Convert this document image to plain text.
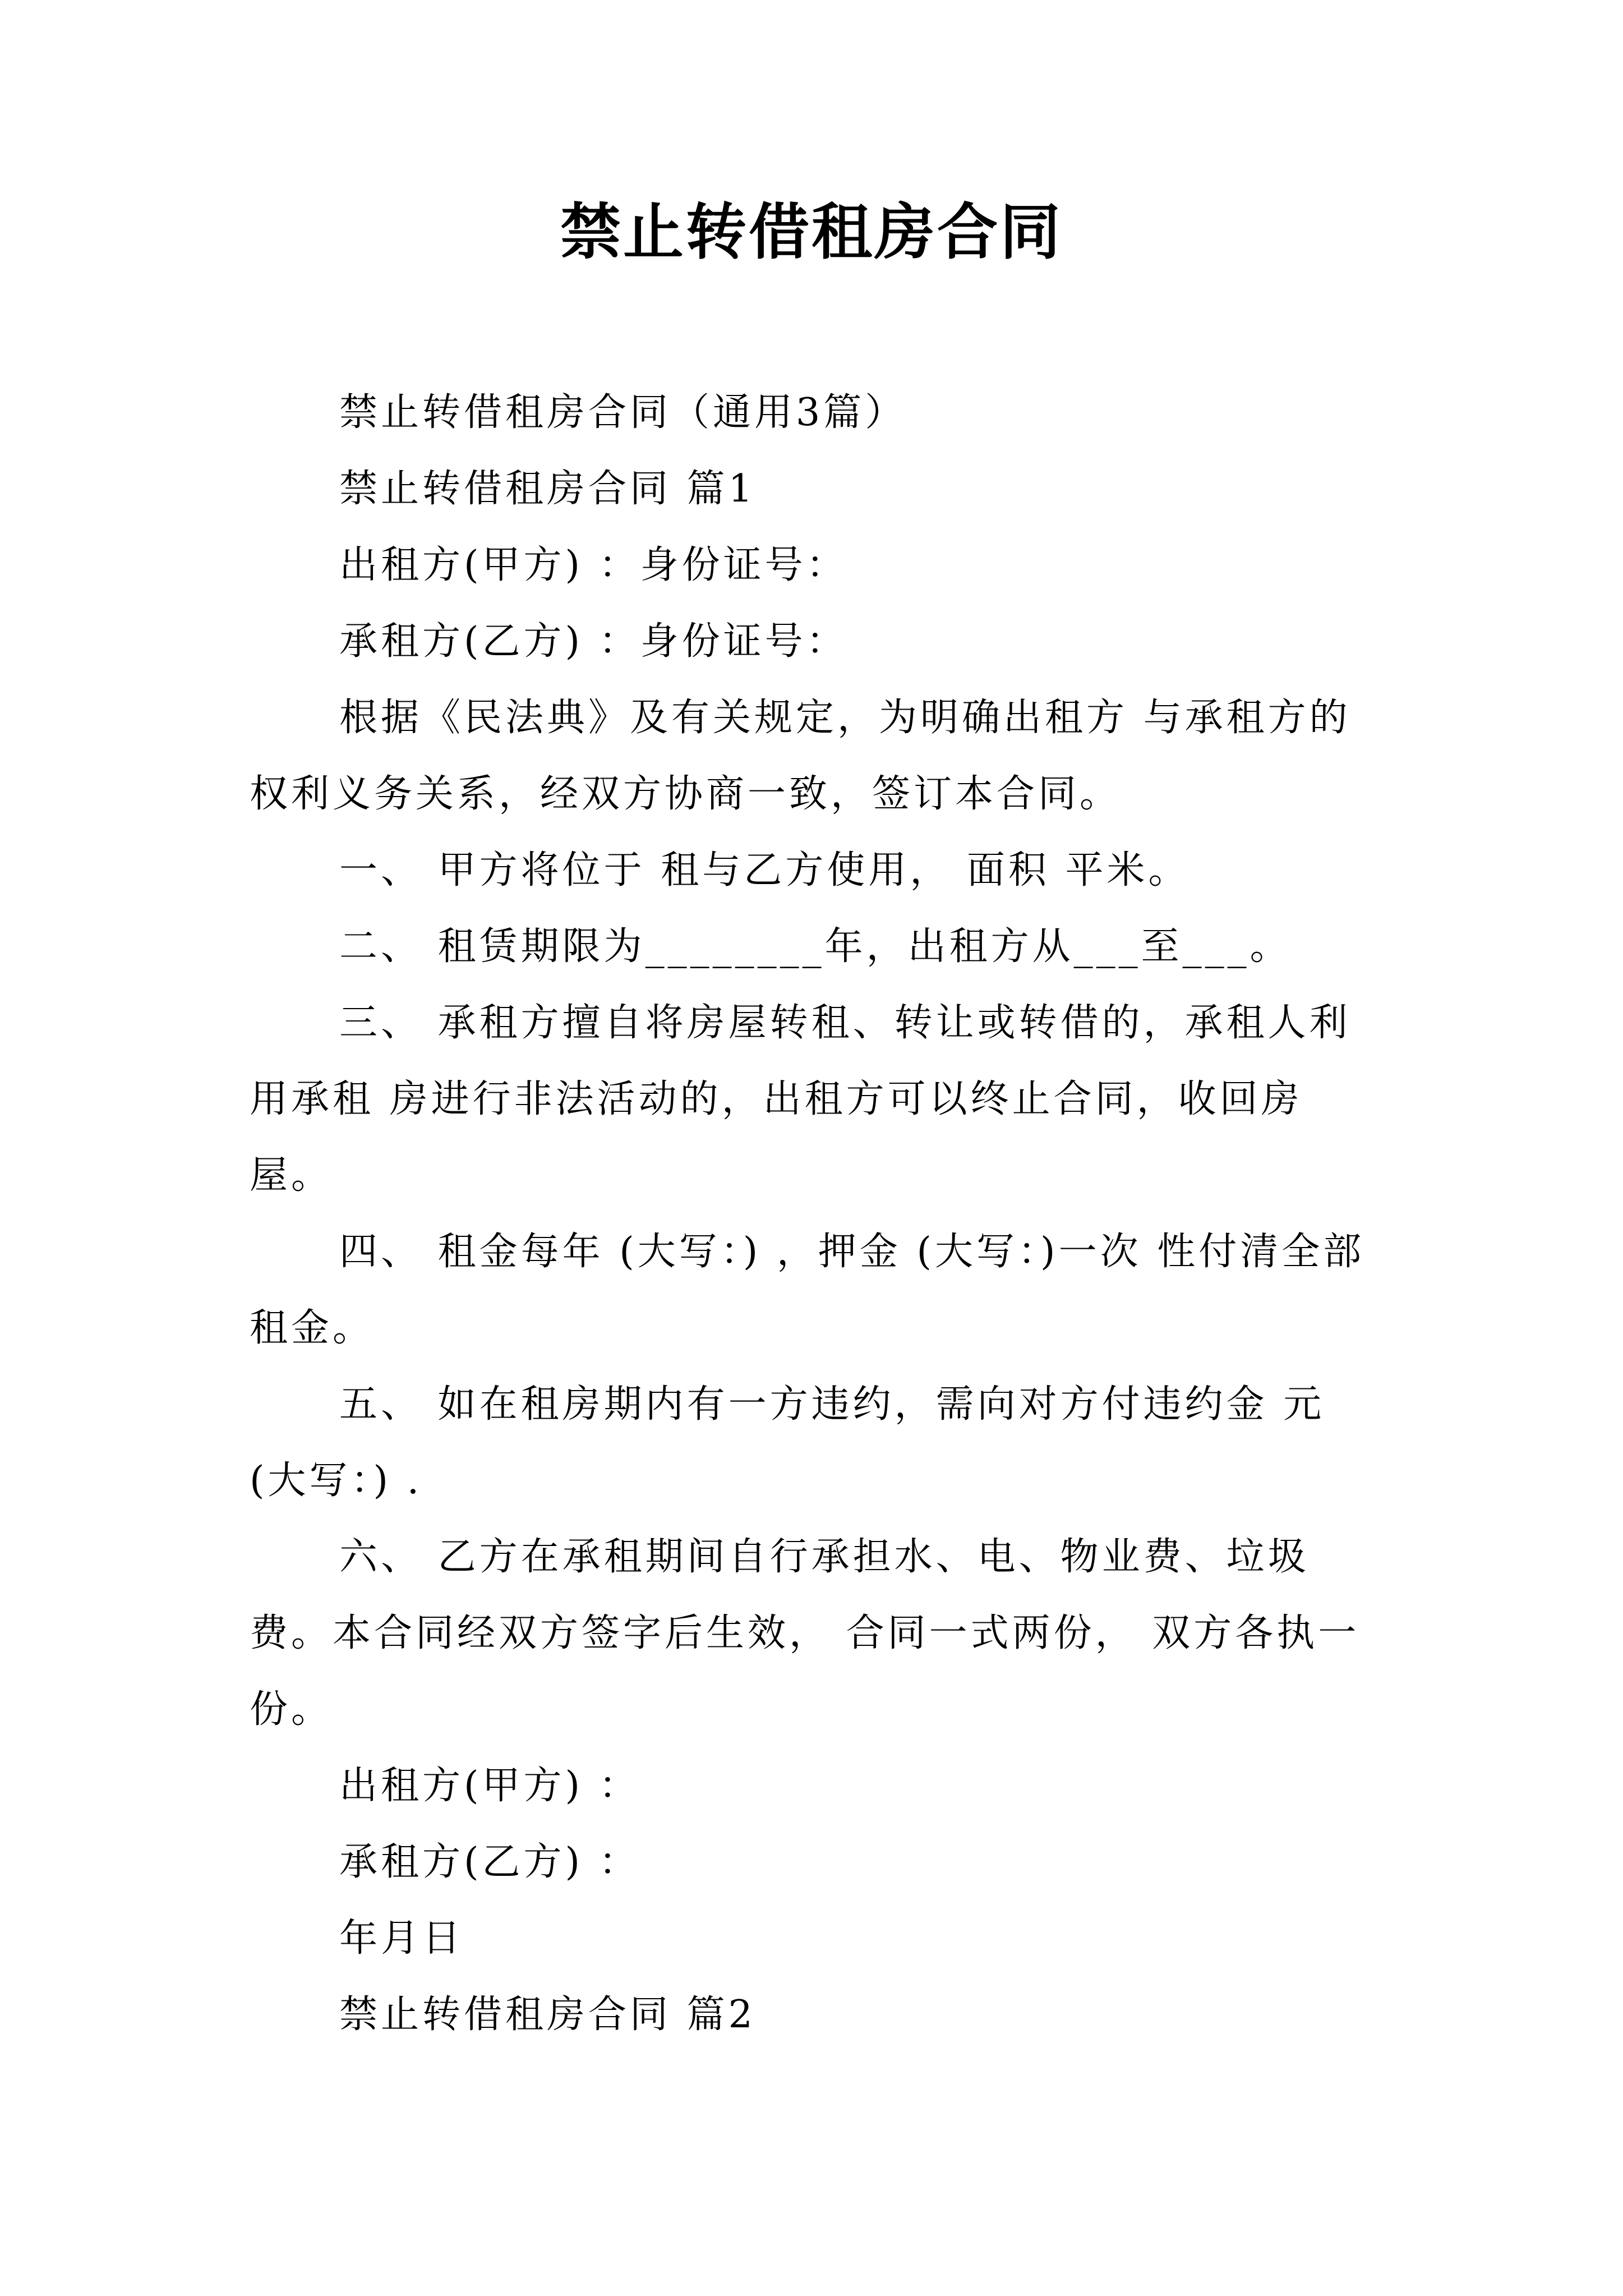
禁止转借租房合同

禁止转借租房合同（通用3篇）

禁止转借租房合同 篇1

出租方(甲方) ：身份证号：

承租方(乙方) ：身份证号：

根据《民法典》及有关规定，为明确出租方 与承租方的权利义务关系，经双方协商一致，签订本合同。

一、 甲方将位于 租与乙方使用， 面积 平米。

二、 租赁期限为________年，出租方从___至___。

三、 承租方擅自将房屋转租、转让或转借的，承租人利用承租 房进行非法活动的，出租方可以终止合同，收回房屋。

四、 租金每年 (大写：) ，押金 (大写：)一次 性付清全部租金。

五、 如在租房期内有一方违约，需向对方付违约金 元(大写：) .

六、 乙方在承租期间自行承担水、电、物业费、垃圾费。本合同经双方签字后生效， 合同一式两份， 双方各执一份。

出租方(甲方) ：

承租方(乙方) ：

年月日

禁止转借租房合同 篇2
